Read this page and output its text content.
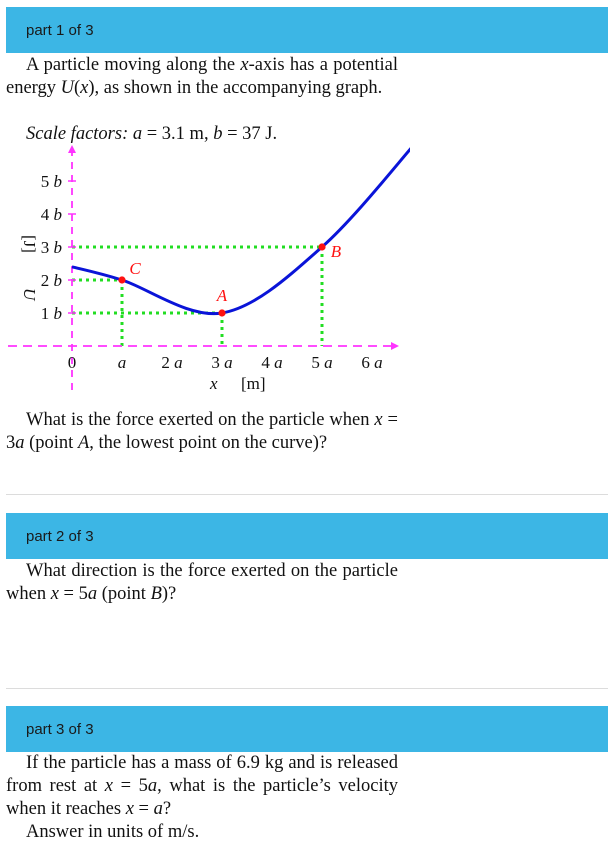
part 1 of 3
A particle moving along the x-axis has a potential energy U(x), as shown in the accompanying graph.
Scale factors: a = 3.1 m, b = 37 J.
C
A
B
1 b
2 b
3 b
4 b
5 b
0 a 2 a 3 a 4 a 5 a 6 a
x [m]
U
[J]
What is the force exerted on the particle when x = 3a (point A, the lowest point on the curve)?
part 2 of 3
What direction is the force exerted on the particle when x = 5a (point B)?
part 3 of 3
If the particle has a mass of 6.9 kg and is released from rest at x = 5a, what is the particle’s velocity when it reaches x = a?
Answer in units of m/s.
